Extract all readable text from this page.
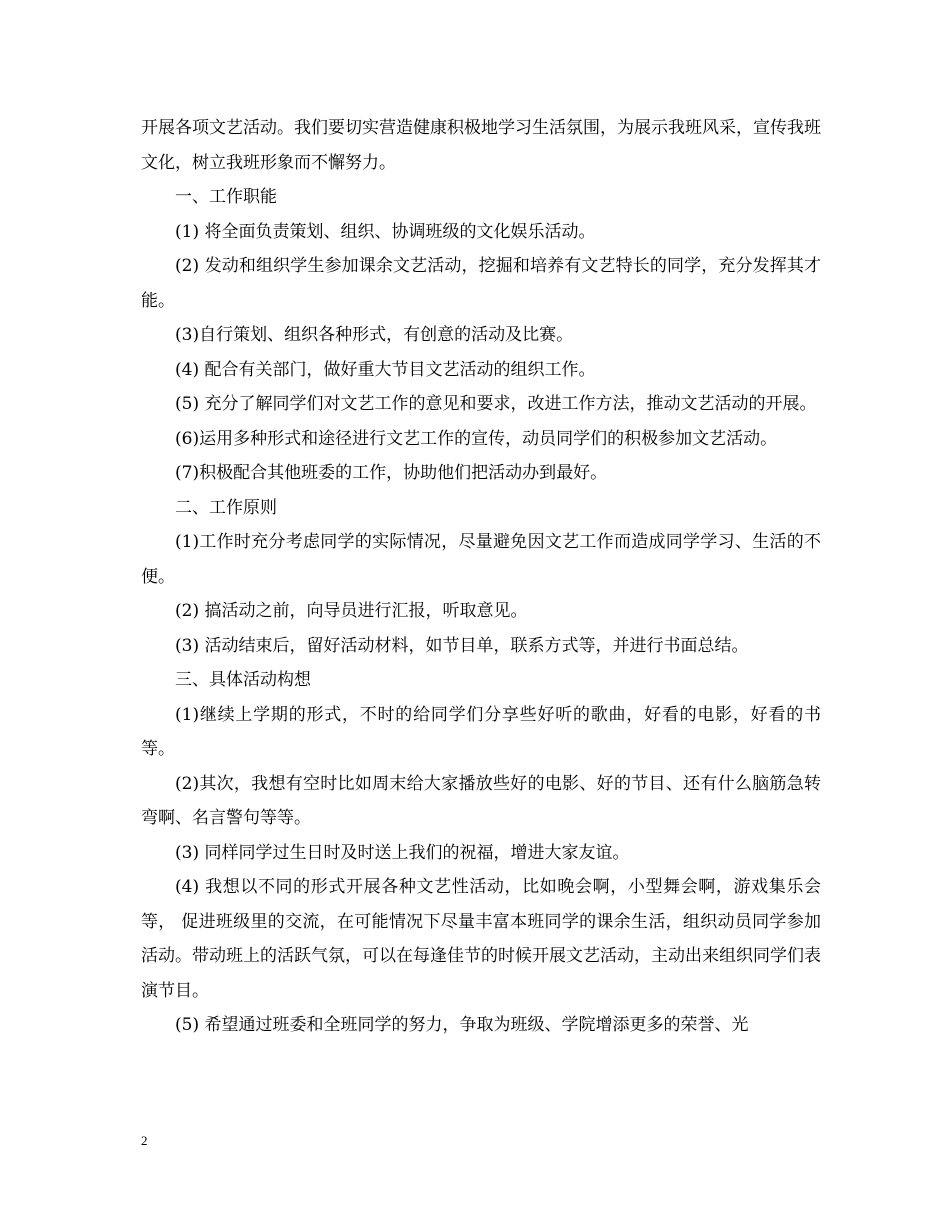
开展各项文艺活动。我们要切实营造健康积极地学习生活氛围，为展示我班风采，宣传我班文化，树立我班形象而不懈努力。

一、工作职能

(1) 将全面负责策划、组织、协调班级的文化娱乐活动。

(2) 发动和组织学生参加课余文艺活动，挖掘和培养有文艺特长的同学，充分发挥其才能。

(3)自行策划、组织各种形式，有创意的活动及比赛。

(4) 配合有关部门，做好重大节目文艺活动的组织工作。

(5) 充分了解同学们对文艺工作的意见和要求，改进工作方法，推动文艺活动的开展。

(6)运用多种形式和途径进行文艺工作的宣传，动员同学们的积极参加文艺活动。

(7)积极配合其他班委的工作，协助他们把活动办到最好。

二、工作原则

(1)工作时充分考虑同学的实际情况，尽量避免因文艺工作而造成同学学习、生活的不便。

(2) 搞活动之前，向导员进行汇报，听取意见。

(3) 活动结束后，留好活动材料，如节目单，联系方式等，并进行书面总结。

三、具体活动构想

(1)继续上学期的形式，不时的给同学们分享些好听的歌曲，好看的电影，好看的书等。

(2)其次，我想有空时比如周末给大家播放些好的电影、好的节目、还有什么脑筋急转弯啊、名言警句等等。

(3) 同样同学过生日时及时送上我们的祝福，增进大家友谊。

(4) 我想以不同的形式开展各种文艺性活动，比如晚会啊，小型舞会啊，游戏集乐会等， 促进班级里的交流，在可能情况下尽量丰富本班同学的课余生活，组织动员同学参加活动。带动班上的活跃气氛，可以在每逢佳节的时候开展文艺活动，主动出来组织同学们表演节目。

(5) 希望通过班委和全班同学的努力，争取为班级、学院增添更多的荣誉、光

2
